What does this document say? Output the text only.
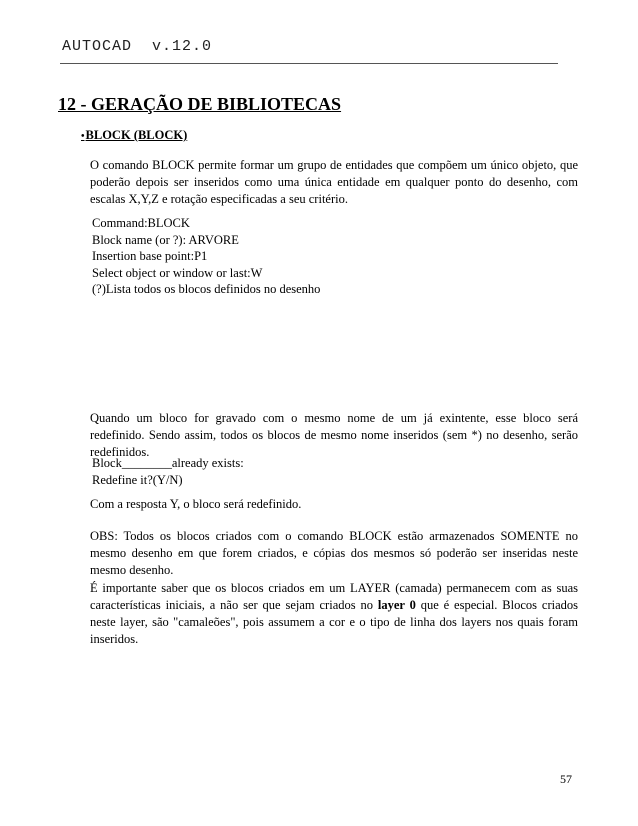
AUTOCAD  v.12.0
12 - GERAÇÃO DE BIBLIOTECAS
•BLOCK (BLOCK)

O comando BLOCK permite formar um grupo de entidades que compõem um único objeto, que poderão depois ser inseridos como uma única entidade em qualquer ponto do desenho, com escalas X,Y,Z e rotação especificadas a seu critério.

Command:BLOCK
Block name (or ?): ARVORE
Insertion base point:P1
Select object or window or last:W
(?)Lista todos os blocos definidos no desenho

Quando um bloco for gravado com o mesmo nome de um já exintente, esse bloco será redefinido. Sendo assim, todos os blocos de mesmo nome inseridos (sem *) no desenho, serão redefinidos.

Block________already exists:
Redefine it?(Y/N)

Com a resposta Y, o bloco será redefinido.

OBS: Todos os blocos criados com o comando BLOCK estão armazenados SOMENTE no mesmo desenho em que forem criados, e cópias dos mesmos só poderão ser inseridas neste mesmo desenho.

É importante saber que os blocos criados em um LAYER (camada) permanecem com as suas características iniciais, a não ser que sejam criados no layer 0 que é especial. Blocos criados neste layer, são "camaleões", pois assumem a cor e o tipo de linha dos layers nos quais foram inseridos.

57
